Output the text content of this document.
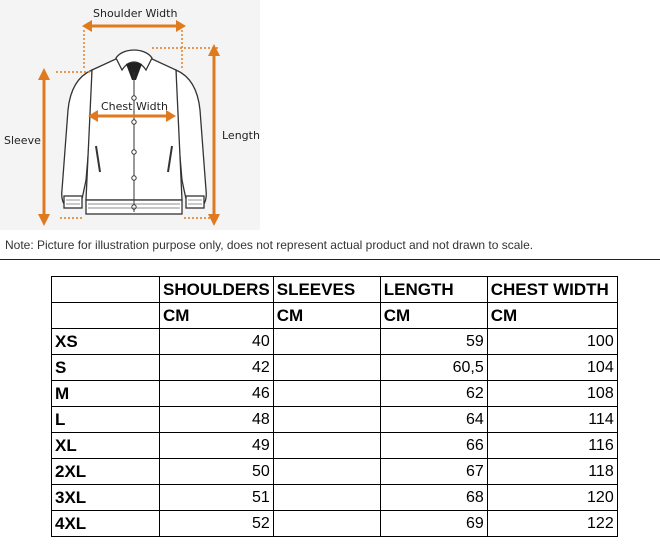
Shoulder Width
Chest Width
Sleeve	Length
Note: Picture for illustration purpose only, does not represent actual product and not drawn to scale.
	SHOULDERS	SLEEVES	LENGTH	CHEST WIDTH
	CM	CM	CM	CM
XS	40		59	100
S	42		60,5	104
M	46		62	108
L	48		64	114
XL	49		66	116
2XL	50		67	118
3XL	51		68	120
4XL	52		69	122
